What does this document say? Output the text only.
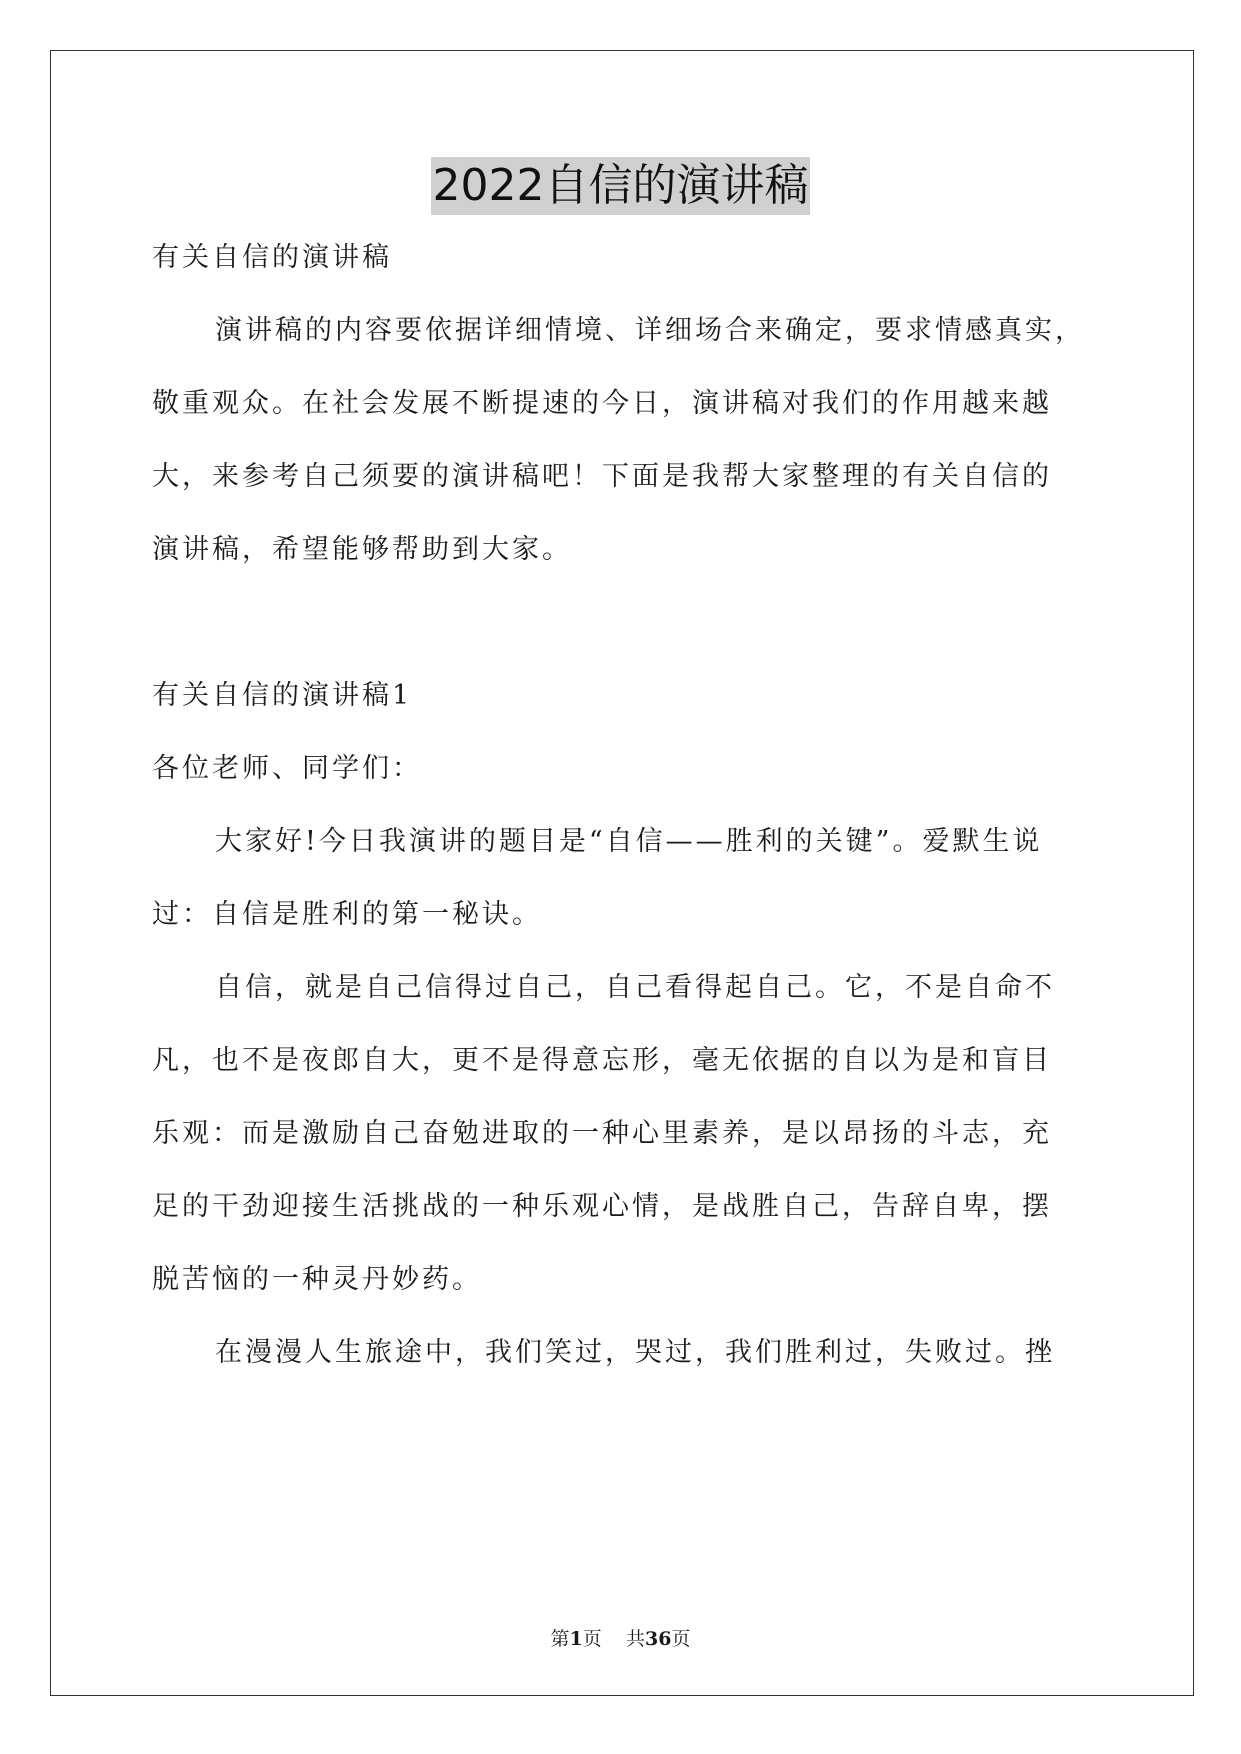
2022自信的演讲稿
有关自信的演讲稿
演讲稿的内容要依据详细情境、详细场合来确定，要求情感真实，
敬重观众。在社会发展不断提速的今日，演讲稿对我们的作用越来越
大，来参考自己须要的演讲稿吧！下面是我帮大家整理的有关自信的
演讲稿，希望能够帮助到大家。
有关自信的演讲稿1
各位老师、同学们：
大家好!今日我演讲的题目是“自信——胜利的关键”。爱默生说
过：自信是胜利的第一秘诀。
自信，就是自己信得过自己，自己看得起自己。它，不是自命不
凡，也不是夜郎自大，更不是得意忘形，毫无依据的自以为是和盲目
乐观：而是激励自己奋勉进取的一种心里素养，是以昂扬的斗志，充
足的干劲迎接生活挑战的一种乐观心情，是战胜自己，告辞自卑，摆
脱苦恼的一种灵丹妙药。
在漫漫人生旅途中，我们笑过，哭过，我们胜利过，失败过。挫
第1页 共36页
